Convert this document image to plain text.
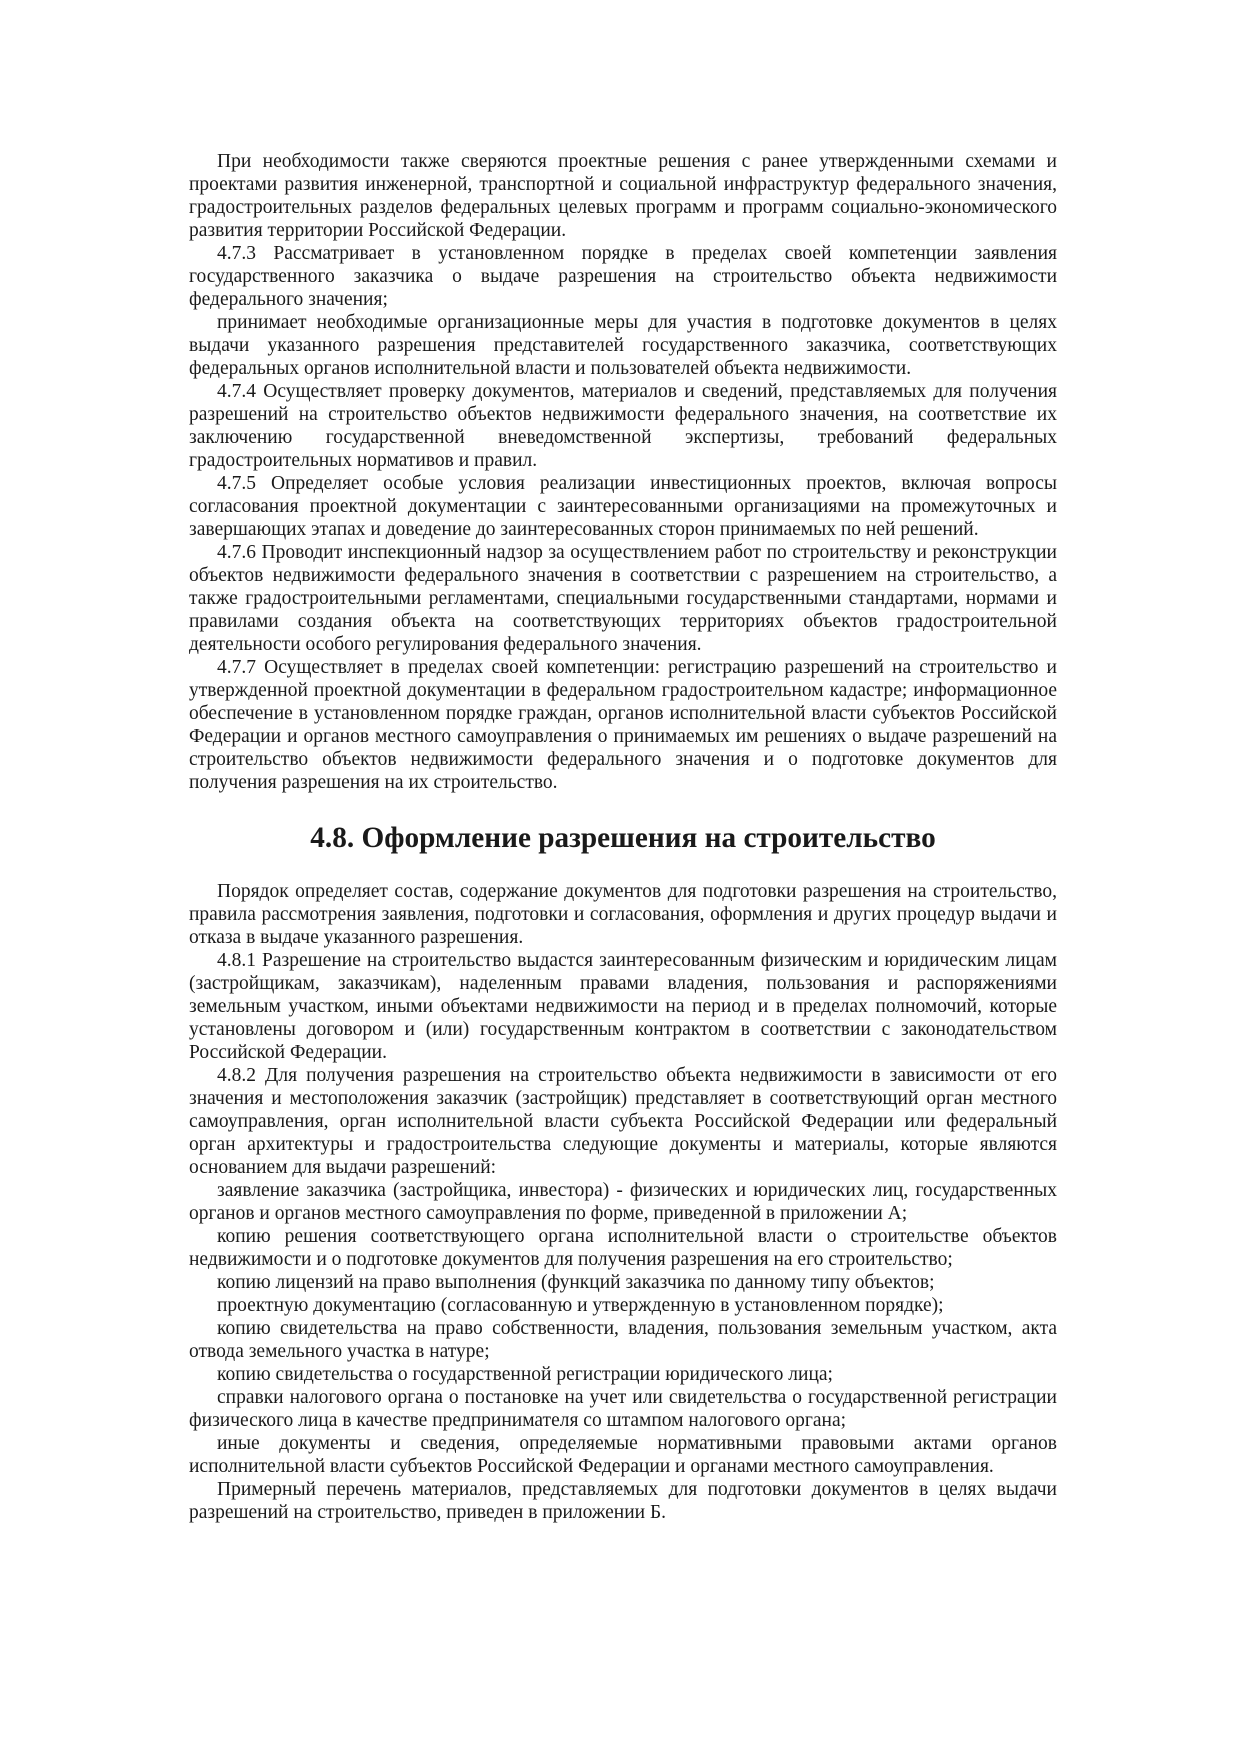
При необходимости также сверяются проектные решения с ранее утвержденными схемами и проектами развития инженерной, транспортной и социальной инфраструктур федерального значения, градостроительных разделов федеральных целевых программ и программ социально-экономического развития территории Российской Федерации.

4.7.3 Рассматривает в установленном порядке в пределах своей компетенции заявления государственного заказчика о выдаче разрешения на строительство объекта недвижимости федерального значения;

принимает необходимые организационные меры для участия в подготовке документов в целях выдачи указанного разрешения представителей государственного заказчика, соответствующих федеральных органов исполнительной власти и пользователей объекта недвижимости.

4.7.4 Осуществляет проверку документов, материалов и сведений, представляемых для получения разрешений на строительство объектов недвижимости федерального значения, на соответствие их заключению государственной вневедомственной экспертизы, требований федеральных градостроительных нормативов и правил.

4.7.5 Определяет особые условия реализации инвестиционных проектов, включая вопросы согласования проектной документации с заинтересованными организациями на промежуточных и завершающих этапах и доведение до заинтересованных сторон принимаемых по ней решений.

4.7.6 Проводит инспекционный надзор за осуществлением работ по строительству и реконструкции объектов недвижимости федерального значения в соответствии с разрешением на строительство, а также градостроительными регламентами, специальными государственными стандартами, нормами и правилами создания объекта на соответствующих территориях объектов градостроительной деятельности особого регулирования федерального значения.

4.7.7 Осуществляет в пределах своей компетенции: регистрацию разрешений на строительство и утвержденной проектной документации в федеральном градостроительном кадастре; информационное обеспечение в установленном порядке граждан, органов исполнительной власти субъектов Российской Федерации и органов местного самоуправления о принимаемых им решениях о выдаче разрешений на строительство объектов недвижимости федерального значения и о подготовке документов для получения разрешения на их строительство.

4.8. Оформление разрешения на строительство

Порядок определяет состав, содержание документов для подготовки разрешения на строительство, правила рассмотрения заявления, подготовки и согласования, оформления и других процедур выдачи и отказа в выдаче указанного разрешения.

4.8.1 Разрешение на строительство выдастся заинтересованным физическим и юридическим лицам (застройщикам, заказчикам), наделенным правами владения, пользования и распоряжениями земельным участком, иными объектами недвижимости на период и в пределах полномочий, которые установлены договором и (или) государственным контрактом в соответствии с законодательством Российской Федерации.

4.8.2 Для получения разрешения на строительство объекта недвижимости в зависимости от его значения и местоположения заказчик (застройщик) представляет в соответствующий орган местного самоуправления, орган исполнительной власти субъекта Российской Федерации или федеральный орган архитектуры и градостроительства следующие документы и материалы, которые являются основанием для выдачи разрешений:

заявление заказчика (застройщика, инвестора) - физических и юридических лиц, государственных органов и органов местного самоуправления по форме, приведенной в приложении А;

копию решения соответствующего органа исполнительной власти о строительстве объектов недвижимости и о подготовке документов для получения разрешения на его строительство;

копию лицензий на право выполнения (функций заказчика по данному типу объектов;

проектную документацию (согласованную и утвержденную в установленном порядке);

копию свидетельства на право собственности, владения, пользования земельным участком, акта отвода земельного участка в натуре;

копию свидетельства о государственной регистрации юридического лица;

справки налогового органа о постановке на учет или свидетельства о государственной регистрации физического лица в качестве предпринимателя со штампом налогового органа;

иные документы и сведения, определяемые нормативными правовыми актами органов исполнительной власти субъектов Российской Федерации и органами местного самоуправления.

Примерный перечень материалов, представляемых для подготовки документов в целях выдачи разрешений на строительство, приведен в приложении Б.
